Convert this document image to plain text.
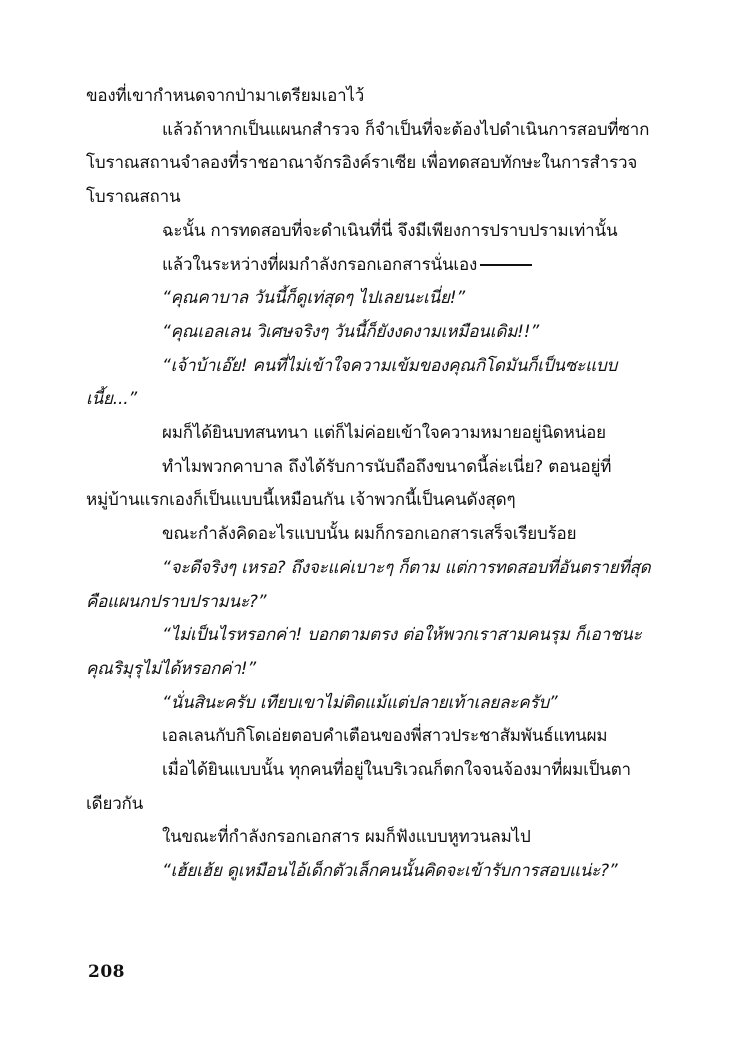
ของที่เขากำหนดจากป่ามาเตรียมเอาไว้

แล้วถ้าหากเป็นแผนกสำรวจ ก็จำเป็นที่จะต้องไปดำเนินการสอบที่ซากโบราณสถานจำลองที่ราชอาณาจักรอิงค์ราเซีย เพื่อทดสอบทักษะในการสำรวจโบราณสถาน

ฉะนั้น การทดสอบที่จะดำเนินที่นี่ จึงมีเพียงการปราบปรามเท่านั้น

แล้วในระหว่างที่ผมกำลังกรอกเอกสารนั่นเอง

“คุณคาบาล วันนี้ก็ดูเท่สุดๆ ไปเลยนะเนี่ย!”

“คุณเอลเลน วิเศษจริงๆ วันนี้ก็ยังงดงามเหมือนเดิม!!”

“เจ้าบ้าเอ๊ย! คนที่ไม่เข้าใจความเข้มของคุณกิโดมันก็เป็นซะแบบเนี้ย...”

ผมก็ได้ยินบทสนทนา แต่ก็ไม่ค่อยเข้าใจความหมายอยู่นิดหน่อย

ทำไมพวกคาบาล ถึงได้รับการนับถือถึงขนาดนี้ล่ะเนี่ย? ตอนอยู่ที่หมู่บ้านแรกเองก็เป็นแบบนี้เหมือนกัน เจ้าพวกนี้เป็นคนดังสุดๆ

ขณะกำลังคิดอะไรแบบนั้น ผมก็กรอกเอกสารเสร็จเรียบร้อย

“จะดีจริงๆ เหรอ? ถึงจะแค่เบาะๆ ก็ตาม แต่การทดสอบที่อันตรายที่สุดคือแผนกปราบปรามนะ?”

“ไม่เป็นไรหรอกค่า! บอกตามตรง ต่อให้พวกเราสามคนรุม ก็เอาชนะคุณริมุรุไม่ได้หรอกค่า!”

“นั่นสินะครับ เทียบเขาไม่ติดแม้แต่ปลายเท้าเลยละครับ”

เอลเลนกับกิโดเอ่ยตอบคำเตือนของพี่สาวประชาสัมพันธ์แทนผม

เมื่อได้ยินแบบนั้น ทุกคนที่อยู่ในบริเวณก็ตกใจจนจ้องมาที่ผมเป็นตาเดียวกัน

ในขณะที่กำลังกรอกเอกสาร ผมก็ฟังแบบหูทวนลมไป

“เฮ้ยเฮ้ย ดูเหมือนไอ้เด็กตัวเล็กคนนั้นคิดจะเข้ารับการสอบแน่ะ?”

208
